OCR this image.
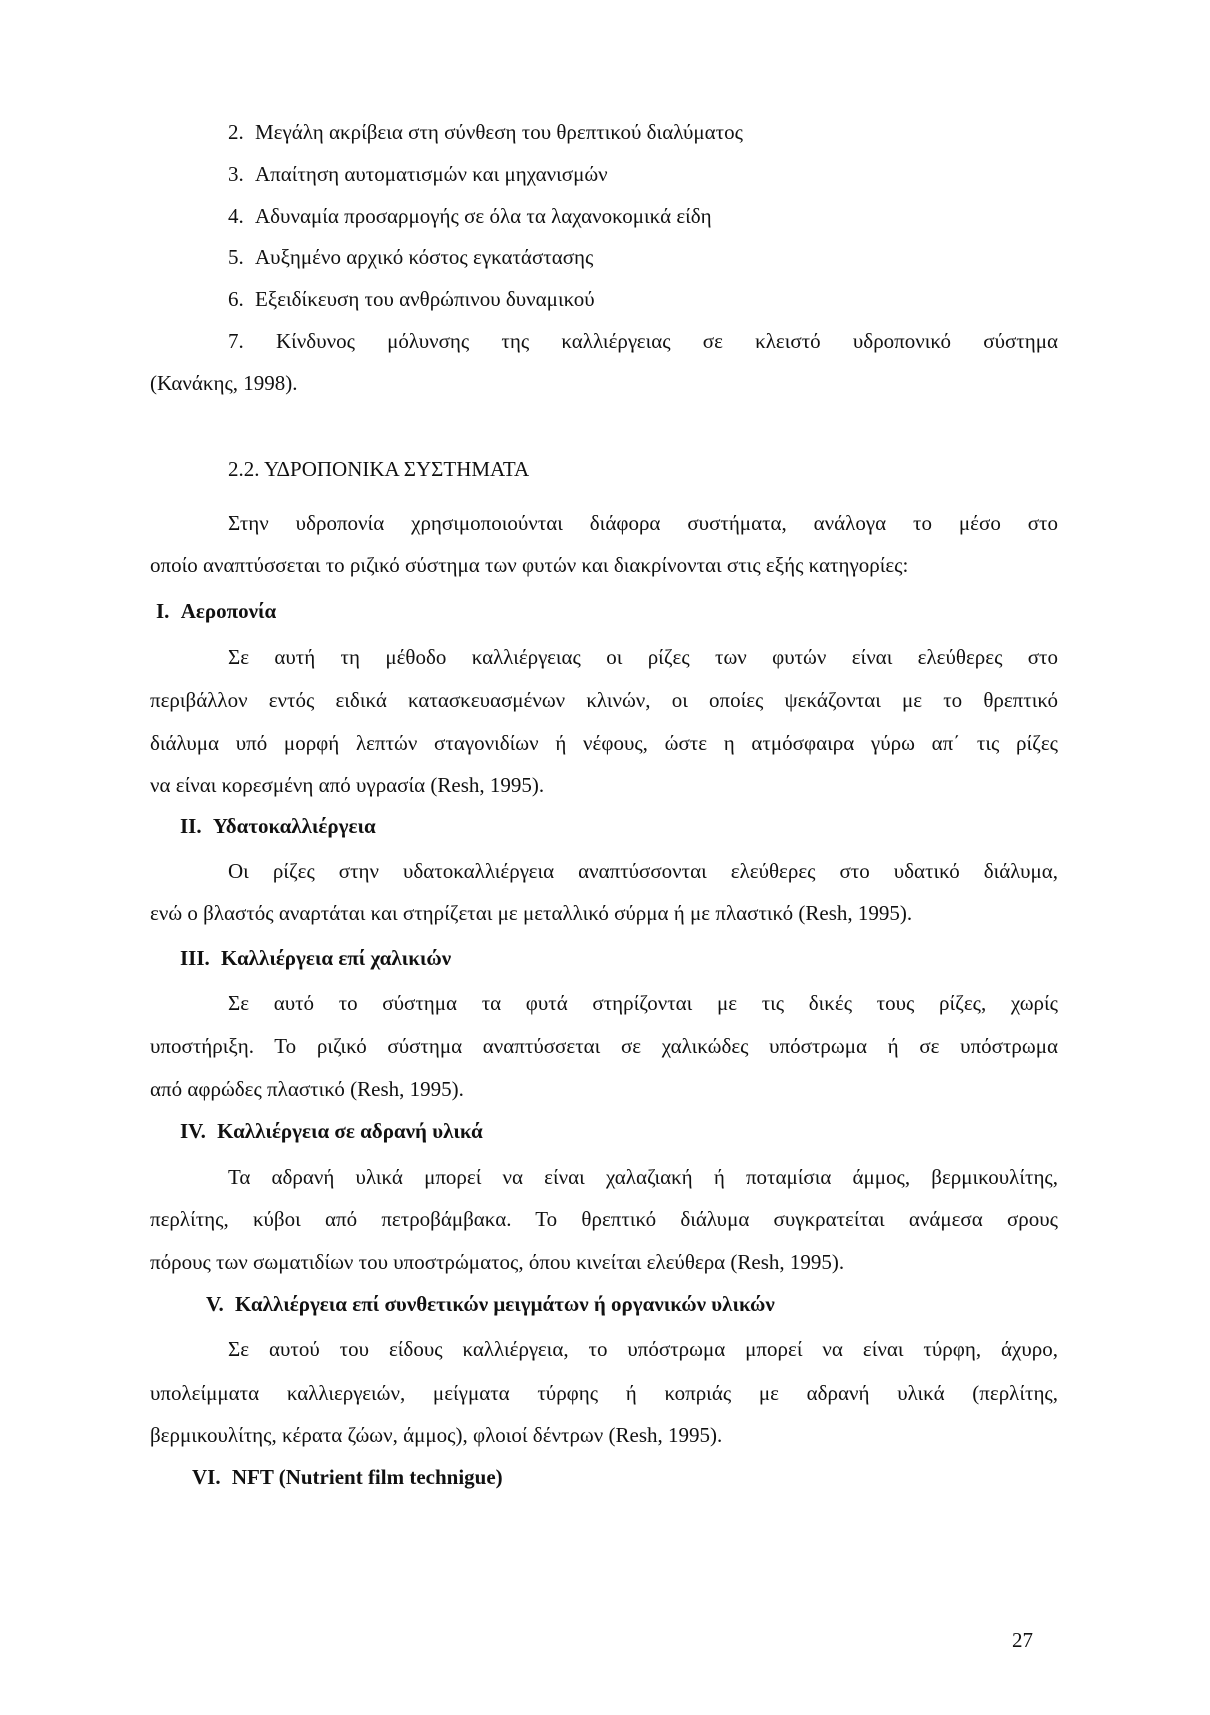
2. Μεγάλη ακρίβεια στη σύνθεση του θρεπτικού διαλύματος
3. Απαίτηση αυτοματισμών και μηχανισμών
4. Αδυναμία προσαρμογής σε όλα τα λαχανοκομικά είδη
5. Αυξημένο αρχικό κόστος εγκατάστασης
6. Εξειδίκευση του ανθρώπινου δυναμικού
7. Κίνδυνος μόλυνσης της καλλιέργειας σε κλειστό υδροπονικό σύστημα
(Κανάκης, 1998).
2.2. ΥΔΡΟΠΟΝΙΚΑ ΣΥΣΤΗΜΑΤΑ
Στην υδροπονία χρησιμοποιούνται διάφορα συστήματα, ανάλογα το μέσο στο
οποίο αναπτύσσεται το ριζικό σύστημα των φυτών και διακρίνονται στις εξής κατηγορίες:
I. Αεροπονία
Σε αυτή τη μέθοδο καλλιέργειας οι ρίζες των φυτών είναι ελεύθερες στο
περιβάλλον εντός ειδικά κατασκευασμένων κλινών, οι οποίες ψεκάζονται με το θρεπτικό
διάλυμα υπό μορφή λεπτών σταγονιδίων ή νέφους, ώστε η ατμόσφαιρα γύρω απ΄ τις ρίζες
να είναι κορεσμένη από υγρασία (Resh, 1995).
II. Υδατοκαλλιέργεια
Οι ρίζες στην υδατοκαλλιέργεια αναπτύσσονται ελεύθερες στο υδατικό διάλυμα,
ενώ ο βλαστός αναρτάται και στηρίζεται με μεταλλικό σύρμα ή με πλαστικό (Resh, 1995).
III. Καλλιέργεια επί χαλικιών
Σε αυτό το σύστημα τα φυτά στηρίζονται με τις δικές τους ρίζες, χωρίς
υποστήριξη. Το ριζικό σύστημα αναπτύσσεται σε χαλικώδες υπόστρωμα ή σε υπόστρωμα
από αφρώδες πλαστικό (Resh, 1995).
IV. Καλλιέργεια σε αδρανή υλικά
Τα αδρανή υλικά μπορεί να είναι χαλαζιακή ή ποταμίσια άμμος, βερμικουλίτης,
περλίτης, κύβοι από πετροβάμβακα. Το θρεπτικό διάλυμα συγκρατείται ανάμεσα σρους
πόρους των σωματιδίων του υποστρώματος, όπου κινείται ελεύθερα (Resh, 1995).
V. Καλλιέργεια επί συνθετικών μειγμάτων ή οργανικών υλικών
Σε αυτού του είδους καλλιέργεια, το υπόστρωμα μπορεί να είναι τύρφη, άχυρο,
υπολείμματα καλλιεργειών, μείγματα τύρφης ή κοπριάς με αδρανή υλικά (περλίτης,
βερμικουλίτης, κέρατα ζώων, άμμος), φλοιοί δέντρων (Resh, 1995).
VI. NFT (Nutrient film technigue)
27
